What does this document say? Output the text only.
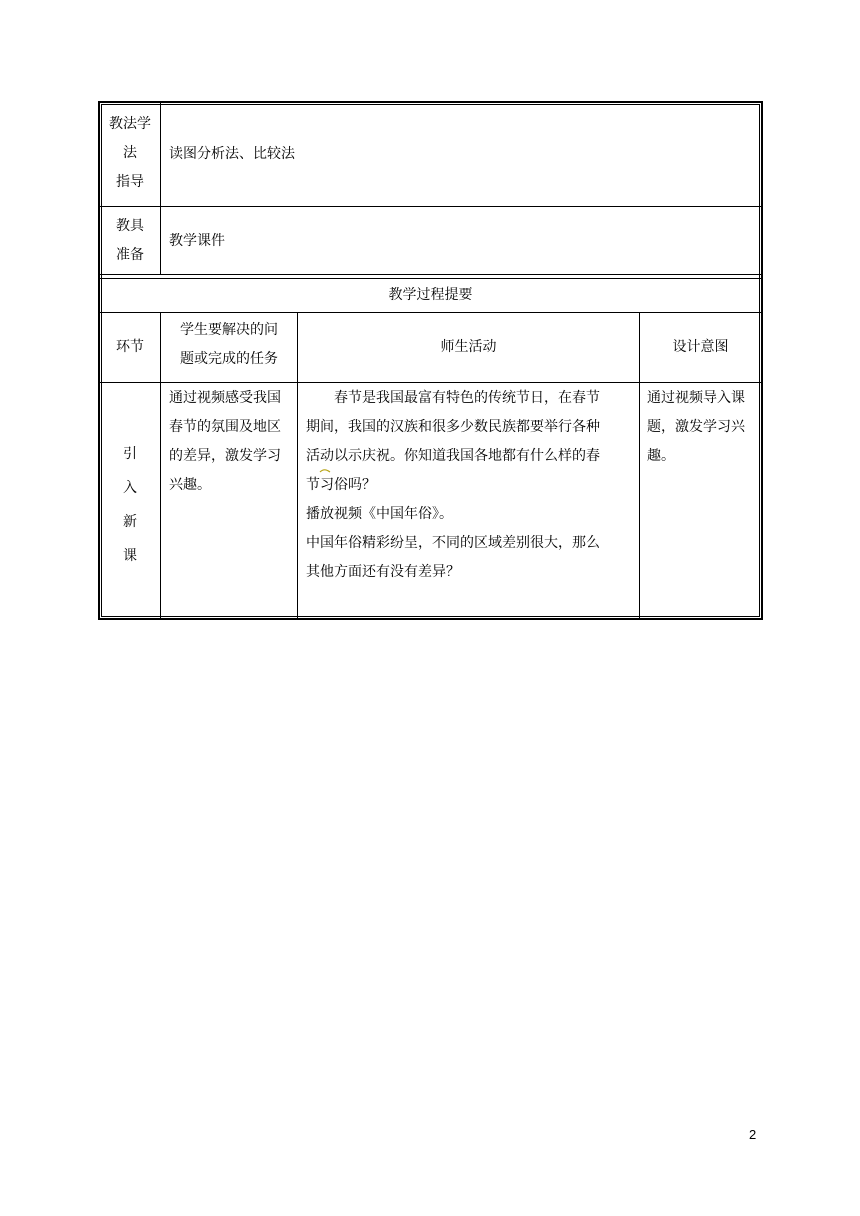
教法学
法
指导
读图分析法、比较法
教具
准备
教学课件
教学过程提要
环节
学生要解决的问
题或完成的任务
师生活动	设计意图
引
入
新
课
通过视频感受我国
春节的氛围及地区
的差异，激发学习
兴趣。
春节是我国最富有特色的传统节日，在春节
期间，我国的汉族和很多少数民族都要举行各种
活动以示庆祝。你知道我国各地都有什么样的春
节习俗吗？
播放视频《中国年俗》。
中国年俗精彩纷呈，不同的区域差别很大，那么
其他方面还有没有差异？
通过视频导入课
题，激发学习兴
趣。
2
